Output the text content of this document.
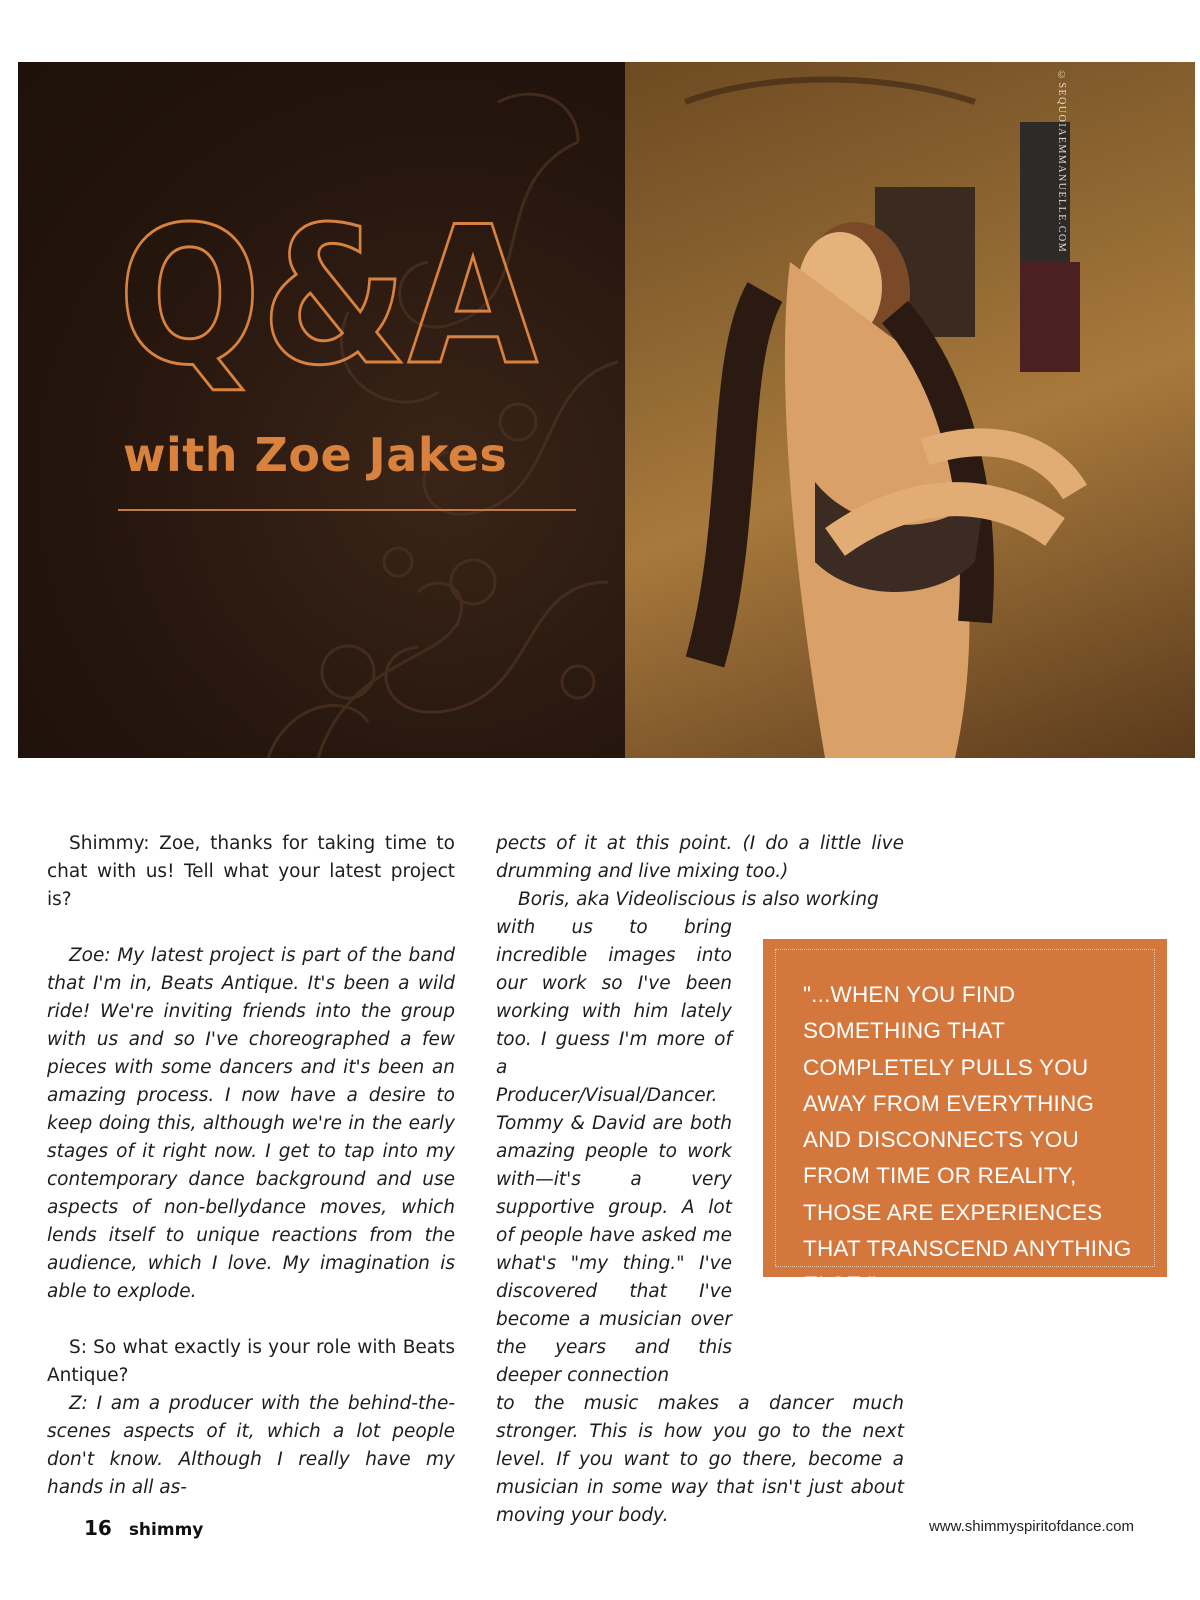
Q&A
with Zoe Jakes
©SEQUOIAEMMANUELLE.COM

Shimmy: Zoe, thanks for taking time to chat with us! Tell what your latest project is?

Zoe: My latest project is part of the band that I'm in, Beats Antique. It's been a wild ride! We're inviting friends into the group with us and so I've choreographed a few pieces with some dancers and it's been an amazing process. I now have a desire to keep doing this, although we're in the early stages of it right now. I get to tap into my contemporary dance background and use aspects of non-bellydance moves, which lends itself to unique reactions from the audience, which I love. My imagination is able to explode.

S: So what exactly is your role with Beats Antique?

Z: I am a producer with the behind-the-scenes aspects of it, which a lot people don't know. Although I really have my hands in all as-

pects of it at this point. (I do a little live drumming and live mixing too.)

Boris, aka Videoliscious is also working

with us to bring incredible images into our work so I've been working with him lately too. I guess I'm more of a Producer/Visual/Dancer. Tommy & David are both amazing people to work with—it's a very supportive group. A lot of people have asked me what's "my thing." I've discovered that I've become a musician over the years and this deeper connection

to the music makes a dancer much stronger. This is how you go to the next level. If you want to go there, become a musician in some way that isn't just about moving your body.

"...WHEN YOU FIND SOMETHING THAT COMPLETELY PULLS YOU AWAY FROM EVERYTHING AND DISCONNECTS YOU FROM TIME OR REALITY, THOSE ARE EXPERIENCES THAT TRANSCEND ANYTHING ELSE."
16 shimmy	www.shimmyspiritofdance.com
